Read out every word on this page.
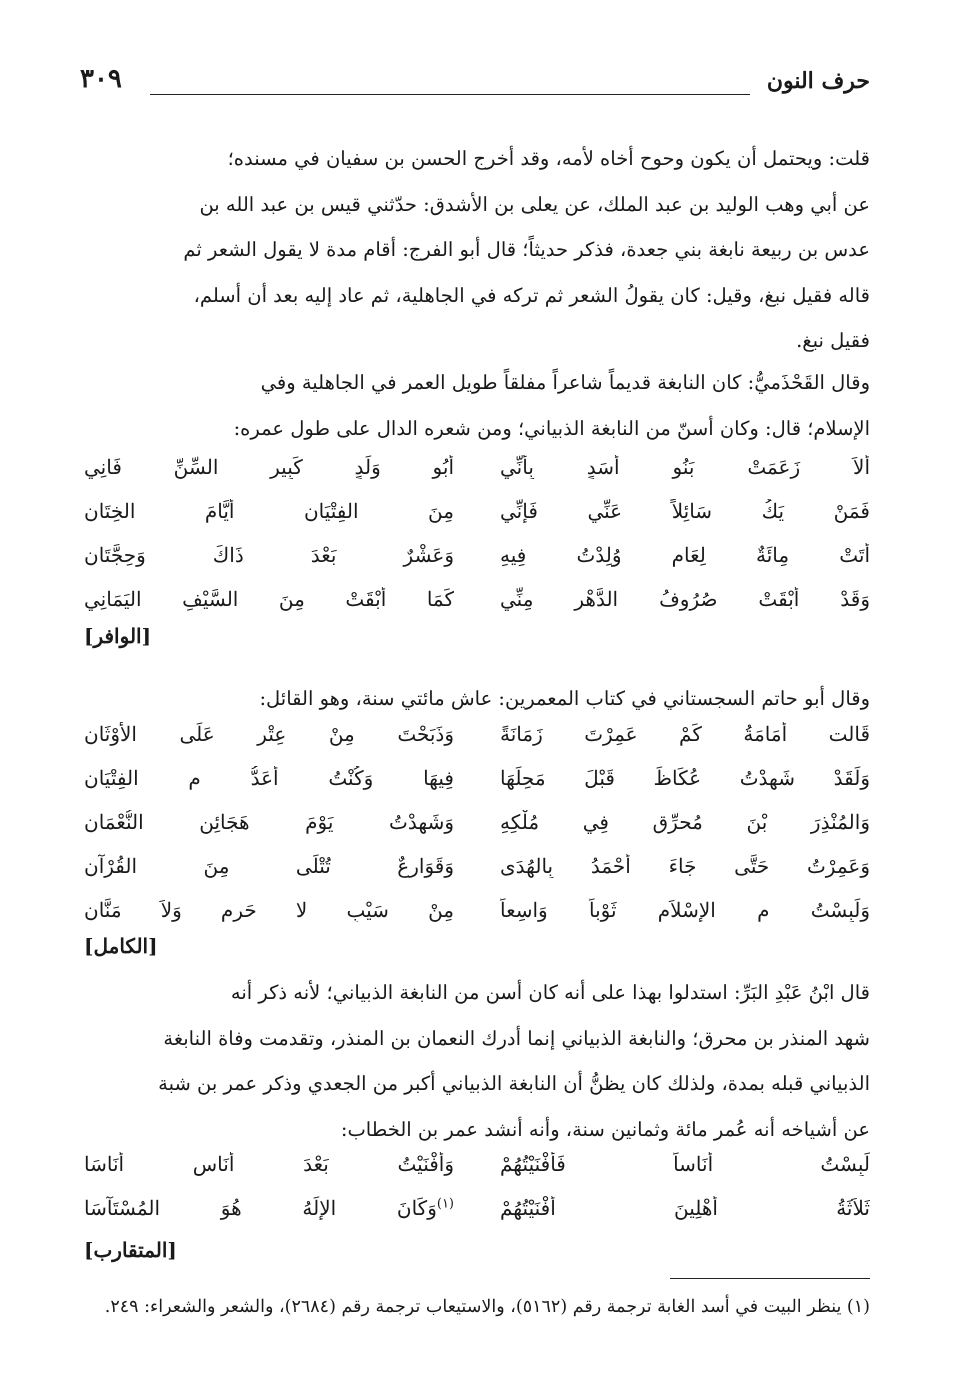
حرف النون
٣٠٩
قلت: ويحتمل أن يكون وحوح أخاه لأمه، وقد أخرج الحسن بن سفيان في مسنده؛
عن أبي وهب الوليد بن عبد الملك، عن يعلى بن الأشدق: حدّثني قيس بن عبد الله بن
عدس بن ربيعة نابغة بني جعدة، فذكر حديثاً؛ قال أبو الفرج: أقام مدة لا يقول الشعر ثم
قاله فقيل نبغ، وقيل: كان يقولُ الشعر ثم تركه في الجاهلية، ثم عاد إليه بعد أن أسلم،
فقيل نبغ.
وقال القَحْذَميُّ: كان النابغة قديماً شاعراً مفلقاً طويل العمر في الجاهلية وفي
الإسلام؛ قال: وكان أسنّ من النابغة الذبياني؛ ومن شعره الدال على طول عمره:
ألاَ زَعَمَتْ بَنُو أسَدٍ بِأنِّي
أبُو وَلَدٍ كَبِيرِ السِّنِّ فَانِي
فَمَنْ يَكُ سَائِلاً عَنِّي فَإنِّي
مِنَ الفِتْيَانِ أيَّامَ الخِتَانِ
أتَتْ مِائَةٌ لِعَامِ وُلِدْتُ فِيهِ
وَعَشْرٌ بَعْدَ ذَاكَ وَحِجَّتَانِ
وَقَدْ أبْقَتْ صُرُوفُ الدَّهْرِ مِنِّي
كَمَا أبْقَتْ مِنَ السَّيْفِ اليَمَانِي
[الوافر]
وقال أبو حاتم السجستاني في كتاب المعمرين: عاش مائتي سنة، وهو القائل:
قَالت أمَامَةُ كَمْ عَمِرْتَ زَمَانَةً
وَذَبَحْتَ مِنْ عِتْرٍ عَلَى الأوْثَانِ
وَلَقَدْ شَهِدْتُ عُكَاظَ قَبْلَ مَحِلِّهَا
فِيهَا وَكُنْتُ أعَدُّ م الفِتْيَانِ
وَالمُنْذِرَ بْنَ مُحرِّقٍ فِي مُلْكِهِ
وَشَهِدْتُ يَوْمَ هَجَائِنِ النُّعْمَانِ
وَعَمِرْتُ حَتَّى جَاءَ أحْمَدُ بِالهُدَى
وَقَوَارِعٌ تُتْلَى مِنَ القُرْآنِ
وَلَبِسْتُ م الإسْلاَمِ ثَوْباً وَاسِعاً
مِنْ سَيْبِ لا حَرِمٍ وَلاَ مَنَّانِ
[الكامل]
قال ابْنُ عَبْدِ البَرِّ: استدلوا بهذا على أنه كان أسن من النابغة الذبياني؛ لأنه ذكر أنه
شهد المنذر بن محرق؛ والنابغة الذبياني إنما أدرك النعمان بن المنذر، وتقدمت وفاة النابغة
الذبياني قبله بمدة، ولذلك كان يظنُّ أن النابغة الذبياني أكبر من الجعدي وذكر عمر بن شبة
عن أشياخه أنه عُمر مائة وثمانين سنة، وأنه أنشد عمر بن الخطاب:
لَبِسْتُ أنَاساً فَأفْنَيْتُهُمْ
وَأفْنَيْتُ بَعْدَ أُنَاسٍ أُنَاسَا
ثَلاَثَةُ أهْلِينَ أفْنَيْتُهُمْ
$^{(١)}$وَكَانَ الإلَهُ هُوَ المُسْتَآسَا
[المتقارب]
(١) ينظر البيت في أسد الغابة ترجمة رقم (٥١٦٢)، والاستيعاب ترجمة رقم (٢٦٨٤)، والشعر والشعراء: ٢٤٩.
